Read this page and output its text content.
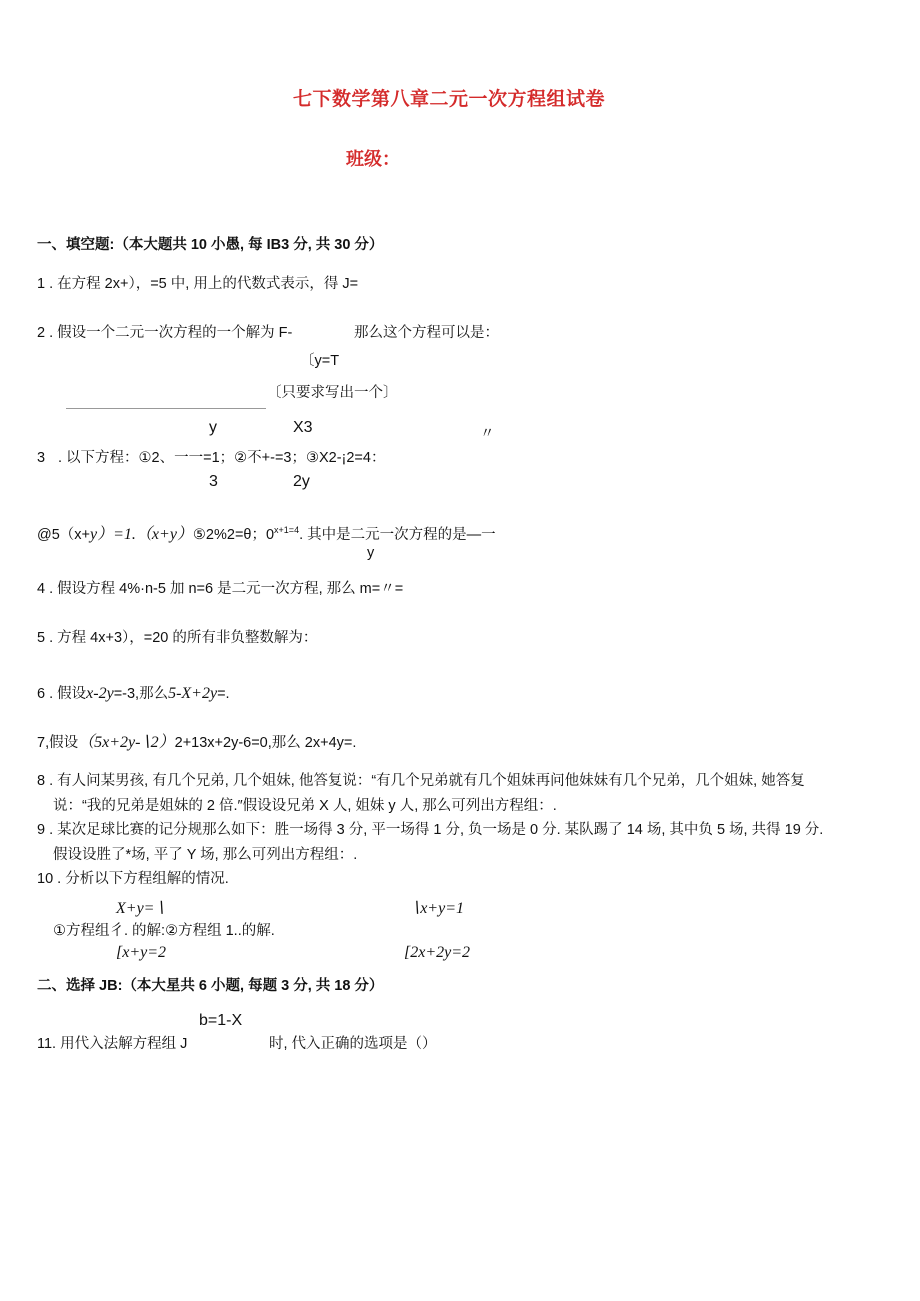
七下数学第八章二元一次方程组试卷
班级：
一、填空题:（本大题共 10 小愚, 每 IB3 分, 共 30 分）
1 . 在方程 2x+），=5 中, 用上的代数式表示，得 J=
2 . 假设一个二元一次方程的一个解为 F-	那么这个方程可以是：
〔y=T
〔只要求写出一个〕
y	X3	〃
3 . 以下方程：①2、一一=1；②不+-=3；③X2-¡2=4：
3	2y
@5（x+y）=1.（x+y）⑤2%2=θ；$0^{x+1=4}$. 其中是二元一次方程的是—一
y
4 . 假设方程 4%·n-5 加 n=6 是二元一次方程, 那么 m=〃=
5 . 方程 4x+3），=20 的所有非负整数解为：
6 . 假设x-2y=-3,那么5-X+2y=.
7,假设（5x+2y-∖2）2+13x+2y-6=0,那么 2x+4y=.
8 . 有人问某男孩, 有几个兄弟, 几个姐妹, 他答复说：“有几个兄弟就有几个姐妹再问他妹妹有几个兄弟，几个姐妹, 她答复
说：“我的兄弟是姐妹的 2 倍.″假设设兄弟 X 人, 姐妹 y 人, 那么可列出方程组：.
9 . 某次足球比赛的记分规那么如下：胜一场得 3 分, 平一场得 1 分, 负一场是 0 分. 某队踢了 14 场, 其中负 5 场, 共得 19 分.
假设设胜了*场, 平了 Y 场, 那么可列出方程组：.
10 . 分析以下方程组解的情况.
X+y=∖	∖x+y=1
①方程组彳. 的解:②方程组 1..的解.
[x+y=2	[2x+2y=2
二、选择 JB:（本大星共 6 小题, 每题 3 分, 共 18 分）
b=1-X
11. 用代入法解方程组 J	时, 代入正确的选项是（）
